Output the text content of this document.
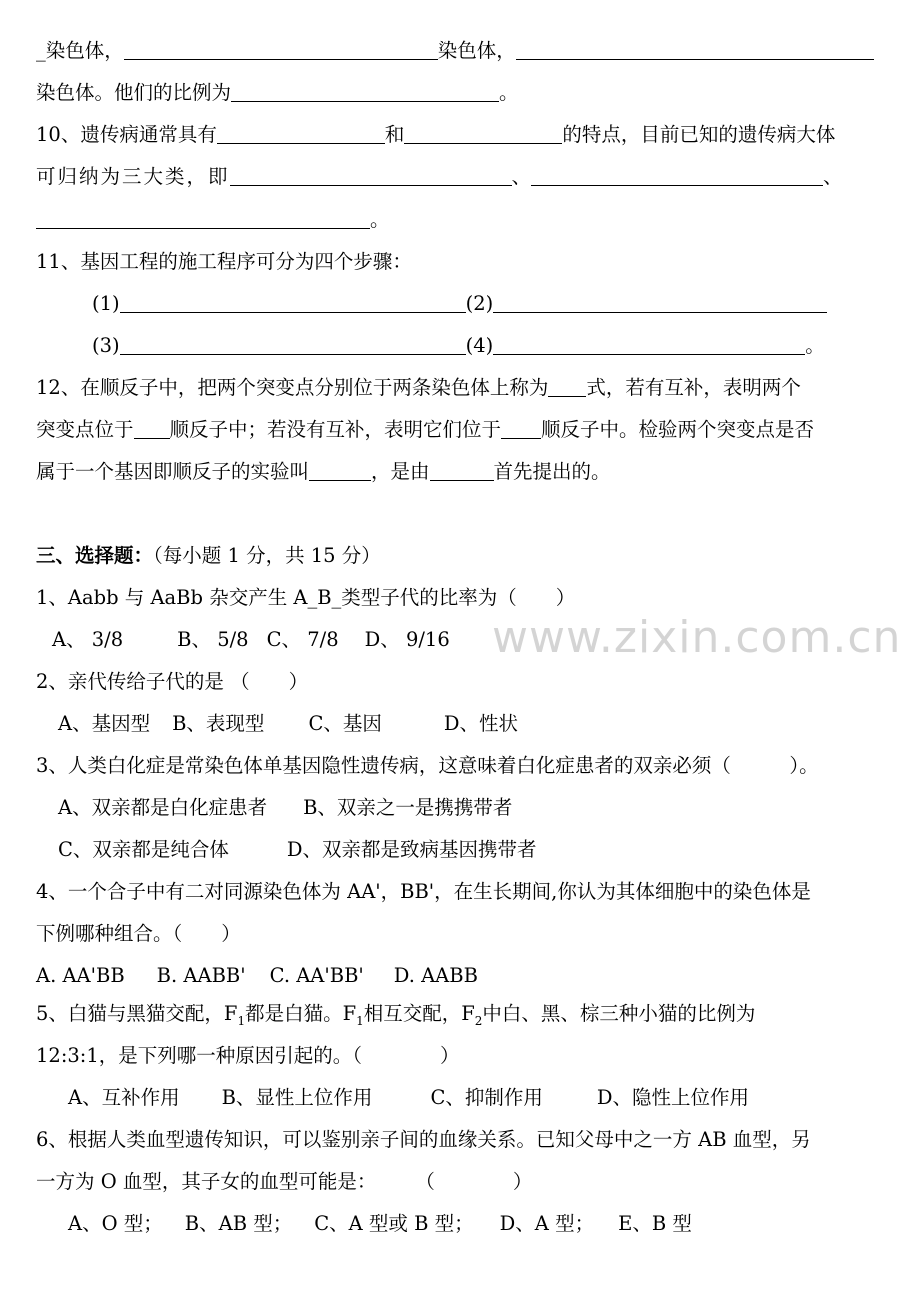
_染色体，	染色体，
染色体。他们的比例为	。
10、遗传病通常具有	和	的特点，目前已知的遗传病大体
可归纳为三大类，即	、	、
。
11、基因工程的施工程序可分为四个步骤：
(1)	(2)
(3)	(4)	。
12、在顺反子中，把两个突变点分别位于两条染色体上称为 式，若有互补，表明两个
突变点位于 顺反子中；若没有互补，表明它们位于 顺反子中。检验两个突变点是否
属于一个基因即顺反子的实验叫	，是由	首先提出的。
三、选择题：（每小题 1 分，共 15 分）
1、Aabb 与 AaBb 杂交产生 A_B_类型子代的比率为（　　）
A、 3/8	B、 5/8 C、 7/8 D、 9/16 www.zixin.com.cn
2、亲代传给子代的是 （　　）
A、基因型 B、表现型 C、基因	D、性状
3、人类白化症是常染色体单基因隐性遗传病，这意味着白化症患者的双亲必须（　　　）。
A、双亲都是白化症患者 B、双亲之一是携携带者
C、双亲都是纯合体	D、双亲都是致病基因携带者
4、一个合子中有二对同源染色体为 AA'，BB'，在生长期间,你认为其体细胞中的染色体是
下例哪种组合。（　　）
A. AA'BB B. AABB' C. AA'BB' D. AABB
5、白猫与黑猫交配，$F_1$都是白猫。$F_1$相互交配，$F_2$中白、黑、棕三种小猫的比例为
12:3:1，是下列哪一种原因引起的。（　　　　）
A、互补作用 B、显性上位作用	C、抑制作用	D、隐性上位作用
6、根据人类血型遗传知识，可以鉴别亲子间的血缘关系。已知父母中之一方 AB 血型，另
一方为 O 血型，其子女的血型可能是：　　　（　　　　）
A、O 型； B、AB 型； C、A 型或 B 型； D、A 型； E、B 型
